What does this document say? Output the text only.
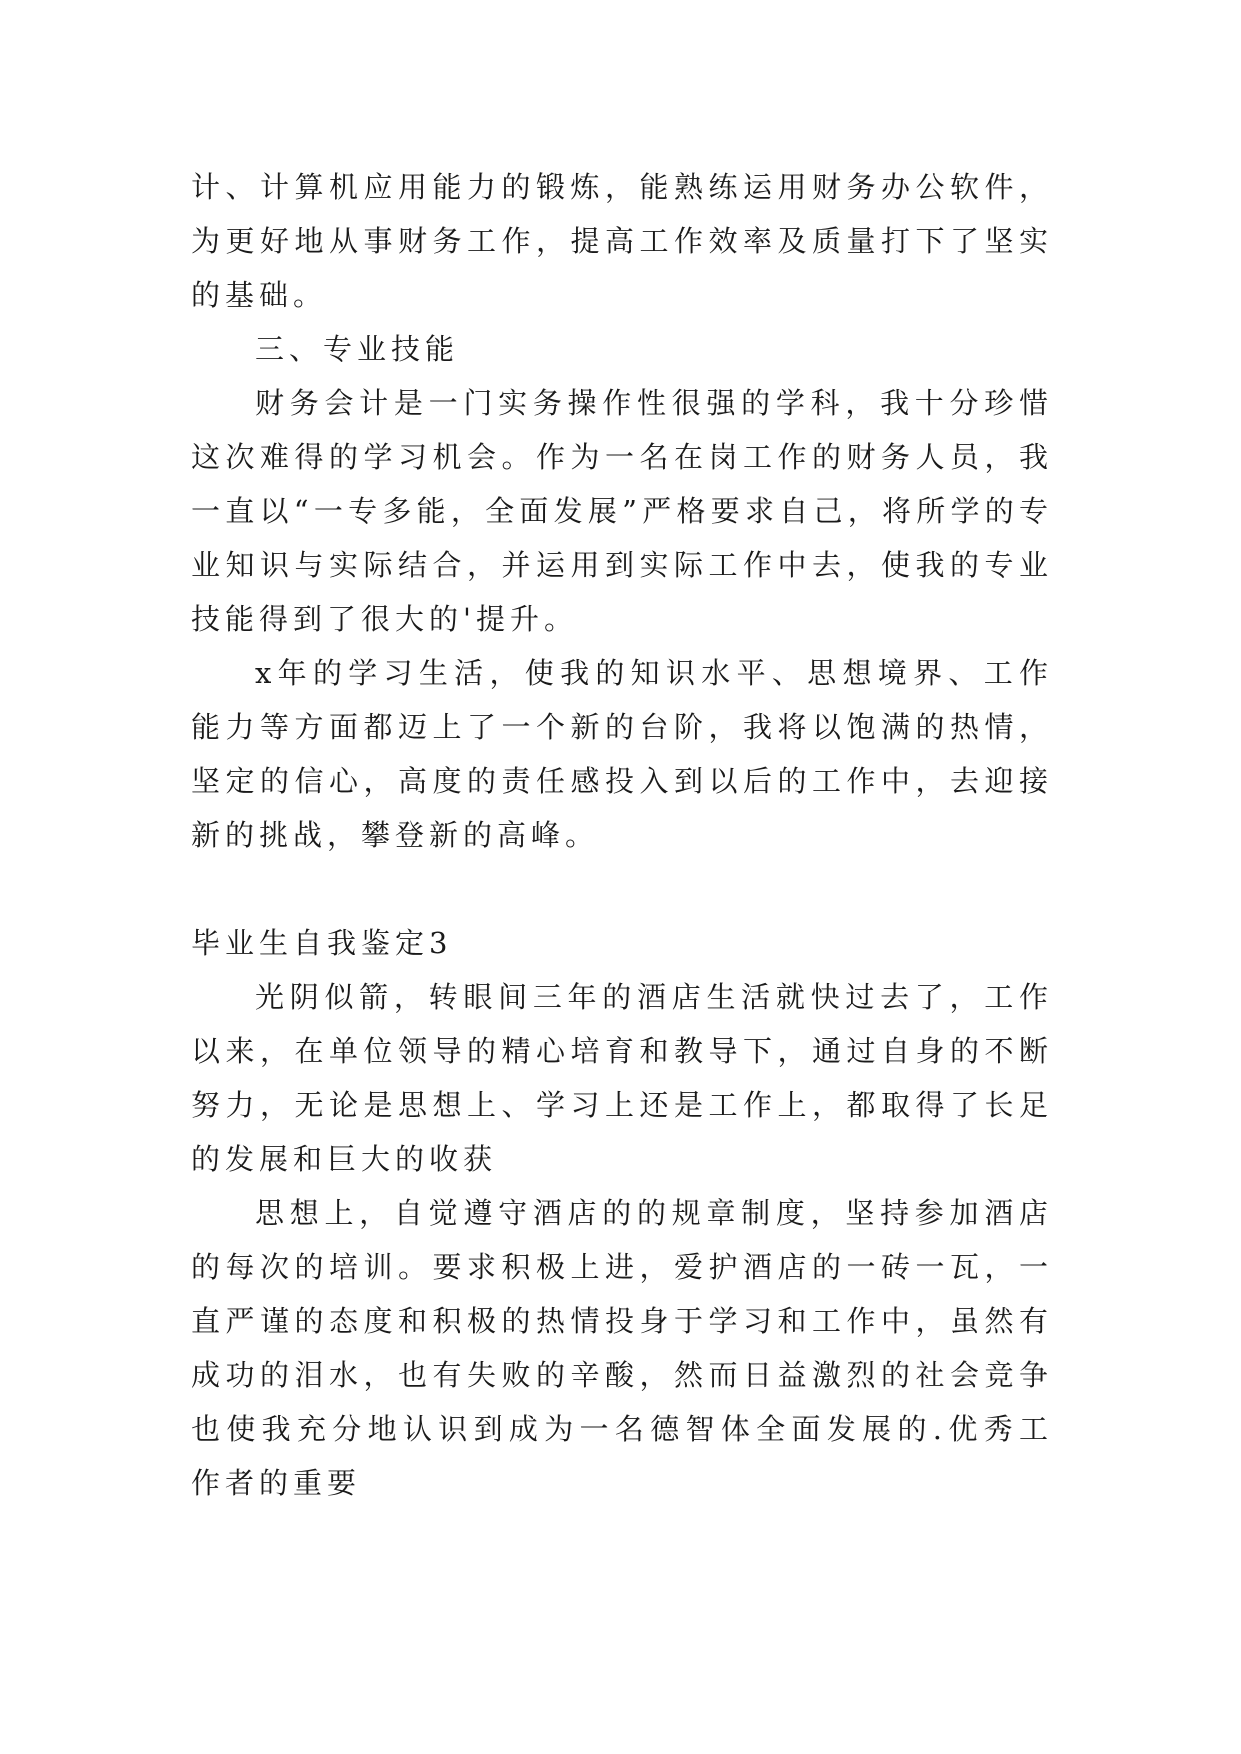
计、计算机应用能力的锻炼，能熟练运用财务办公软件，为更好地从事财务工作，提高工作效率及质量打下了坚实的基础。

三、专业技能

财务会计是一门实务操作性很强的学科，我十分珍惜这次难得的学习机会。作为一名在岗工作的财务人员，我一直以“一专多能，全面发展”严格要求自己，将所学的专业知识与实际结合，并运用到实际工作中去，使我的专业技能得到了很大的'提升。

x年的学习生活，使我的知识水平、思想境界、工作能力等方面都迈上了一个新的台阶，我将以饱满的热情，坚定的信心，高度的责任感投入到以后的工作中，去迎接新的挑战，攀登新的高峰。

毕业生自我鉴定3

光阴似箭，转眼间三年的酒店生活就快过去了，工作以来，在单位领导的精心培育和教导下，通过自身的不断努力，无论是思想上、学习上还是工作上，都取得了长足的发展和巨大的收获

思想上，自觉遵守酒店的的规章制度，坚持参加酒店的每次的培训。要求积极上进，爱护酒店的一砖一瓦，一直严谨的态度和积极的热情投身于学习和工作中，虽然有成功的泪水，也有失败的辛酸，然而日益激烈的社会竞争也使我充分地认识到成为一名德智体全面发展的.优秀工作者的重要
